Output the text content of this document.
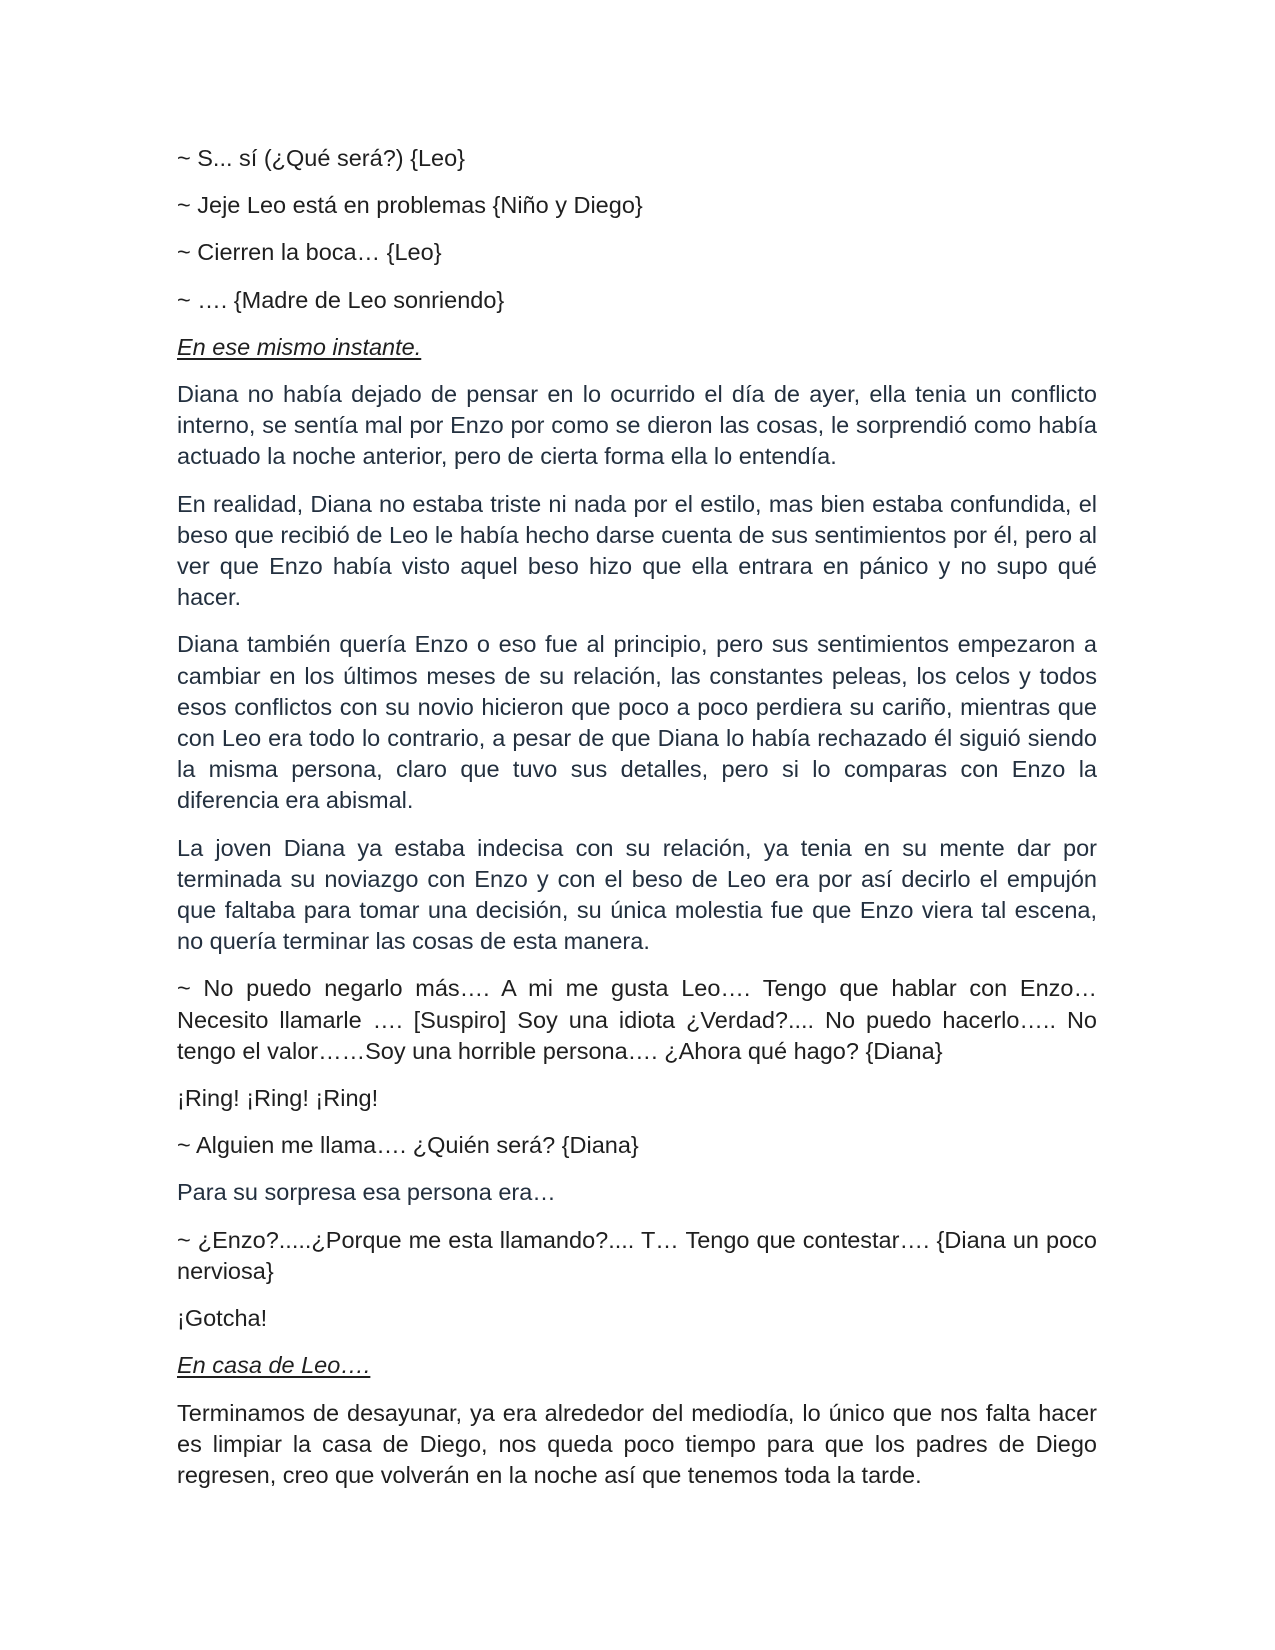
~ S... sí (¿Qué será?) {Leo}

~ Jeje Leo está en problemas {Niño y Diego}

~ Cierren la boca… {Leo}

~ …. {Madre de Leo sonriendo}

En ese mismo instante.

Diana no había dejado de pensar en lo ocurrido el día de ayer, ella tenia un conflicto interno, se sentía mal por Enzo por como se dieron las cosas, le sorprendió como había actuado la noche anterior, pero de cierta forma ella lo entendía.

En realidad, Diana no estaba triste ni nada por el estilo, mas bien estaba confundida, el beso que recibió de Leo le había hecho darse cuenta de sus sentimientos por él, pero al ver que Enzo había visto aquel beso hizo que ella entrara en pánico y no supo qué hacer.

Diana también quería Enzo o eso fue al principio, pero sus sentimientos empezaron a cambiar en los últimos meses de su relación, las constantes peleas, los celos y todos esos conflictos con su novio hicieron que poco a poco perdiera su cariño, mientras que con Leo era todo lo contrario, a pesar de que Diana lo había rechazado él siguió siendo la misma persona, claro que tuvo sus detalles, pero si lo comparas con Enzo la diferencia era abismal.

La joven Diana ya estaba indecisa con su relación, ya tenia en su mente dar por terminada su noviazgo con Enzo y con el beso de Leo era por así decirlo el empujón que faltaba para tomar una decisión, su única molestia fue que Enzo viera tal escena, no quería terminar las cosas de esta manera.

~ No puedo negarlo más…. A mi me gusta Leo…. Tengo que hablar con Enzo… Necesito llamarle …. [Suspiro] Soy una idiota ¿Verdad?.... No puedo hacerlo….. No tengo el valor……Soy una horrible persona…. ¿Ahora qué hago? {Diana}

¡Ring! ¡Ring! ¡Ring!

~ Alguien me llama…. ¿Quién será? {Diana}

Para su sorpresa esa persona era…

~ ¿Enzo?.....¿Porque me esta llamando?.... T… Tengo que contestar…. {Diana un poco nerviosa}

¡Gotcha!

En casa de Leo….

Terminamos de desayunar, ya era alrededor del mediodía, lo único que nos falta hacer es limpiar la casa de Diego, nos queda poco tiempo para que los padres de Diego regresen, creo que volverán en la noche así que tenemos toda la tarde.
